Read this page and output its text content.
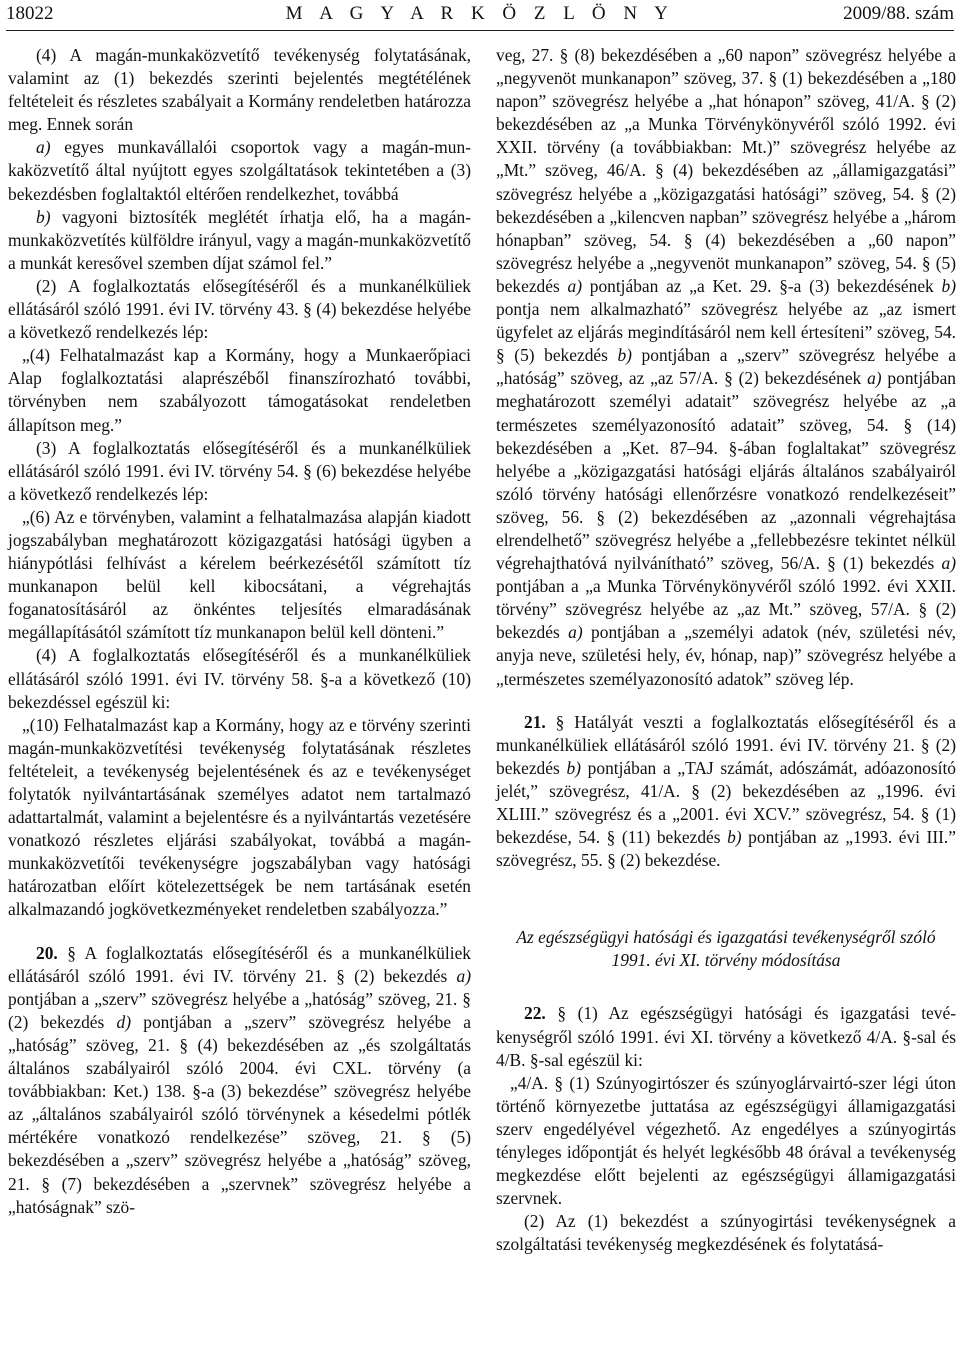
18022	M A G Y A R K Ö Z L Ö N Y	2009/88. szám

(4) A magán-munkaközvetítő tevékenység folytatásának, valamint az (1) bekezdés szerinti bejelentés megtétélének feltételeit és részletes szabályait a Kormány rendeletben határozza meg. Ennek során

a) egyes munkavállalói csoportok vagy a magán-munkaközvetítő által nyújtott egyes szolgáltatások tekintetében a (3) bekezdésben foglaltaktól eltérően rendelkezhet, továbbá

b) vagyoni biztosíték meglétét írhatja elő, ha a magán-munkaközvetítés külföldre irányul, vagy a magán-munkaközvetítő a munkát keresővel szemben díjat számol fel.”

(2) A foglalkoztatás elősegítéséről és a munkanélküliek ellátásáról szóló 1991. évi IV. törvény 43. § (4) bekezdése helyébe a következő rendelkezés lép:

„(4) Felhatalmazást kap a Kormány, hogy a Munkaerőpiaci Alap foglalkoztatási alaprészéből finanszírozható további, törvényben nem szabályozott támogatásokat rendeletben állapítson meg.”

(3) A foglalkoztatás elősegítéséről és a munkanélküliek ellátásáról szóló 1991. évi IV. törvény 54. § (6) bekezdése helyébe a következő rendelkezés lép:

„(6) Az e törvényben, valamint a felhatalmazása alapján kiadott jogszabályban meghatározott közigazgatási hatósági ügyben a hiánypótlási felhívást a kérelem beérkezésétől számított tíz munkanapon belül kell kibocsátani, a végrehajtás foganatosításáról az önkéntes teljesítés elmaradásának megállapításától számított tíz munkanapon belül kell dönteni.”

(4) A foglalkoztatás elősegítéséről és a munkanélküliek ellátásáról szóló 1991. évi IV. törvény 58. §-a a következő (10) bekezdéssel egészül ki:

„(10) Felhatalmazást kap a Kormány, hogy az e törvény szerinti magán-munkaközvetítési tevékenység folytatásának részletes feltételeit, a tevékenység bejelentésének és az e tevékenységet folytatók nyilvántartásának személyes adatot nem tartalmazó adattartalmát, valamint a bejelentésre és a nyilvántartás vezetésére vonatkozó részletes eljárási szabályokat, továbbá a magán-munkaközvetítői tevékenységre jogszabályban vagy hatósági határozatban előírt kötelezettségek be nem tartásának esetén alkalmazandó jogkövetkezményeket rendeletben szabályozza.”

20. § A foglalkoztatás elősegítéséről és a munkanélküliek ellátásáról szóló 1991. évi IV. törvény 21. § (2) bekezdés a) pontjában a „szerv” szövegrész helyébe a „hatóság” szöveg, 21. § (2) bekezdés d) pontjában a „szerv” szövegrész helyébe a „hatóság” szöveg, 21. § (4) bekezdésében az „és szolgáltatás általános szabályairól szóló 2004. évi CXL. törvény (a továbbiakban: Ket.) 138. §-a (3) bekezdése” szövegrész helyébe az „általános szabályairól szóló törvénynek a késedelmi pótlék mértékére vonatkozó rendelkezése” szöveg, 21. § (5) bekezdésében a „szerv” szövegrész helyébe a „hatóság” szöveg, 21. § (7) bekezdésében a „szervnek” szövegrész helyébe a „hatóságnak” szö-

veg, 27. § (8) bekezdésében a „60 napon” szövegrész helyébe a „negyvenöt munkanapon” szöveg, 37. § (1) bekezdésében a „180 napon” szövegrész helyébe a „hat hónapon” szöveg, 41/A. § (2) bekezdésében az „a Munka Törvénykönyvéről szóló 1992. évi XXII. törvény (a továbbiakban: Mt.)” szövegrész helyébe az „Mt.” szöveg, 46/A. § (4) bekezdésében az „államigazgatási” szövegrész helyébe a „közigazgatási hatósági” szöveg, 54. § (2) bekezdésében a „kilencven napban” szövegrész helyébe a „három hónapban” szöveg, 54. § (4) bekezdésében a „60 napon” szövegrész helyébe a „negyvenöt munkanapon” szöveg, 54. § (5) bekezdés a) pontjában az „a Ket. 29. §-a (3) bekezdésének b) pontja nem alkalmazható” szövegrész helyébe az „az ismert ügyfelet az eljárás megindításáról nem kell értesíteni” szöveg, 54. § (5) bekezdés b) pontjában a „szerv” szövegrész helyébe a „hatóság” szöveg, az „az 57/A. § (2) bekezdésének a) pontjában meghatározott személyi adatait” szövegrész helyébe az „a természetes személyazonosító adatait” szöveg, 54. § (14) bekezdésében a „Ket. 87–94. §-ában foglaltakat” szövegrész helyébe a „közigazgatási hatósági eljárás általános szabályairól szóló törvény hatósági ellenőrzésre vonatkozó rendelkezéseit” szöveg, 56. § (2) bekezdésében az „azonnali végrehajtása elrendelhető” szövegrész helyébe a „fellebbezésre tekintet nélkül végrehajthatóvá nyilvánítható” szöveg, 56/A. § (1) bekezdés a) pontjában a „a Munka Törvénykönyvéről szóló 1992. évi XXII. törvény” szövegrész helyébe az „az Mt.” szöveg, 57/A. § (2) bekezdés a) pontjában a „személyi adatok (név, születési név, anyja neve, születési hely, év, hónap, nap)” szövegrész helyébe a „természetes személyazonosító adatok” szöveg lép.

21. § Hatályát veszti a foglalkoztatás elősegítéséről és a munkanélküliek ellátásáról szóló 1991. évi IV. törvény 21. § (2) bekezdés b) pontjában a „TAJ számát, adószámát, adóazonosító jelét,” szövegrész, 41/A. § (2) bekezdésében az „1996. évi XLIII.” szövegrész és a „2001. évi XCV.” szövegrész, 54. § (1) bekezdése, 54. § (11) bekezdés b) pontjában az „1993. évi III.” szövegrész, 55. § (2) bekezdése.

Az egészségügyi hatósági és igazgatási tevékenységről szóló 1991. évi XI. törvény módosítása

22. § (1) Az egészségügyi hatósági és igazgatási tevékenységről szóló 1991. évi XI. törvény a következő 4/A. §-sal és 4/B. §-sal egészül ki:

„4/A. § (1) Szúnyogirtószer és szúnyoglárvairtó-szer légi úton történő környezetbe juttatása az egészségügyi államigazgatási szerv engedélyével végezhető. Az engedélyes a szúnyogirtás tényleges időpontját és helyét legkésőbb 48 órával a tevékenység megkezdése előtt bejelenti az egészségügyi államigazgatási szervnek.

(2) Az (1) bekezdést a szúnyogirtási tevékenységnek a szolgáltatási tevékenység megkezdésének és folytatásá-
